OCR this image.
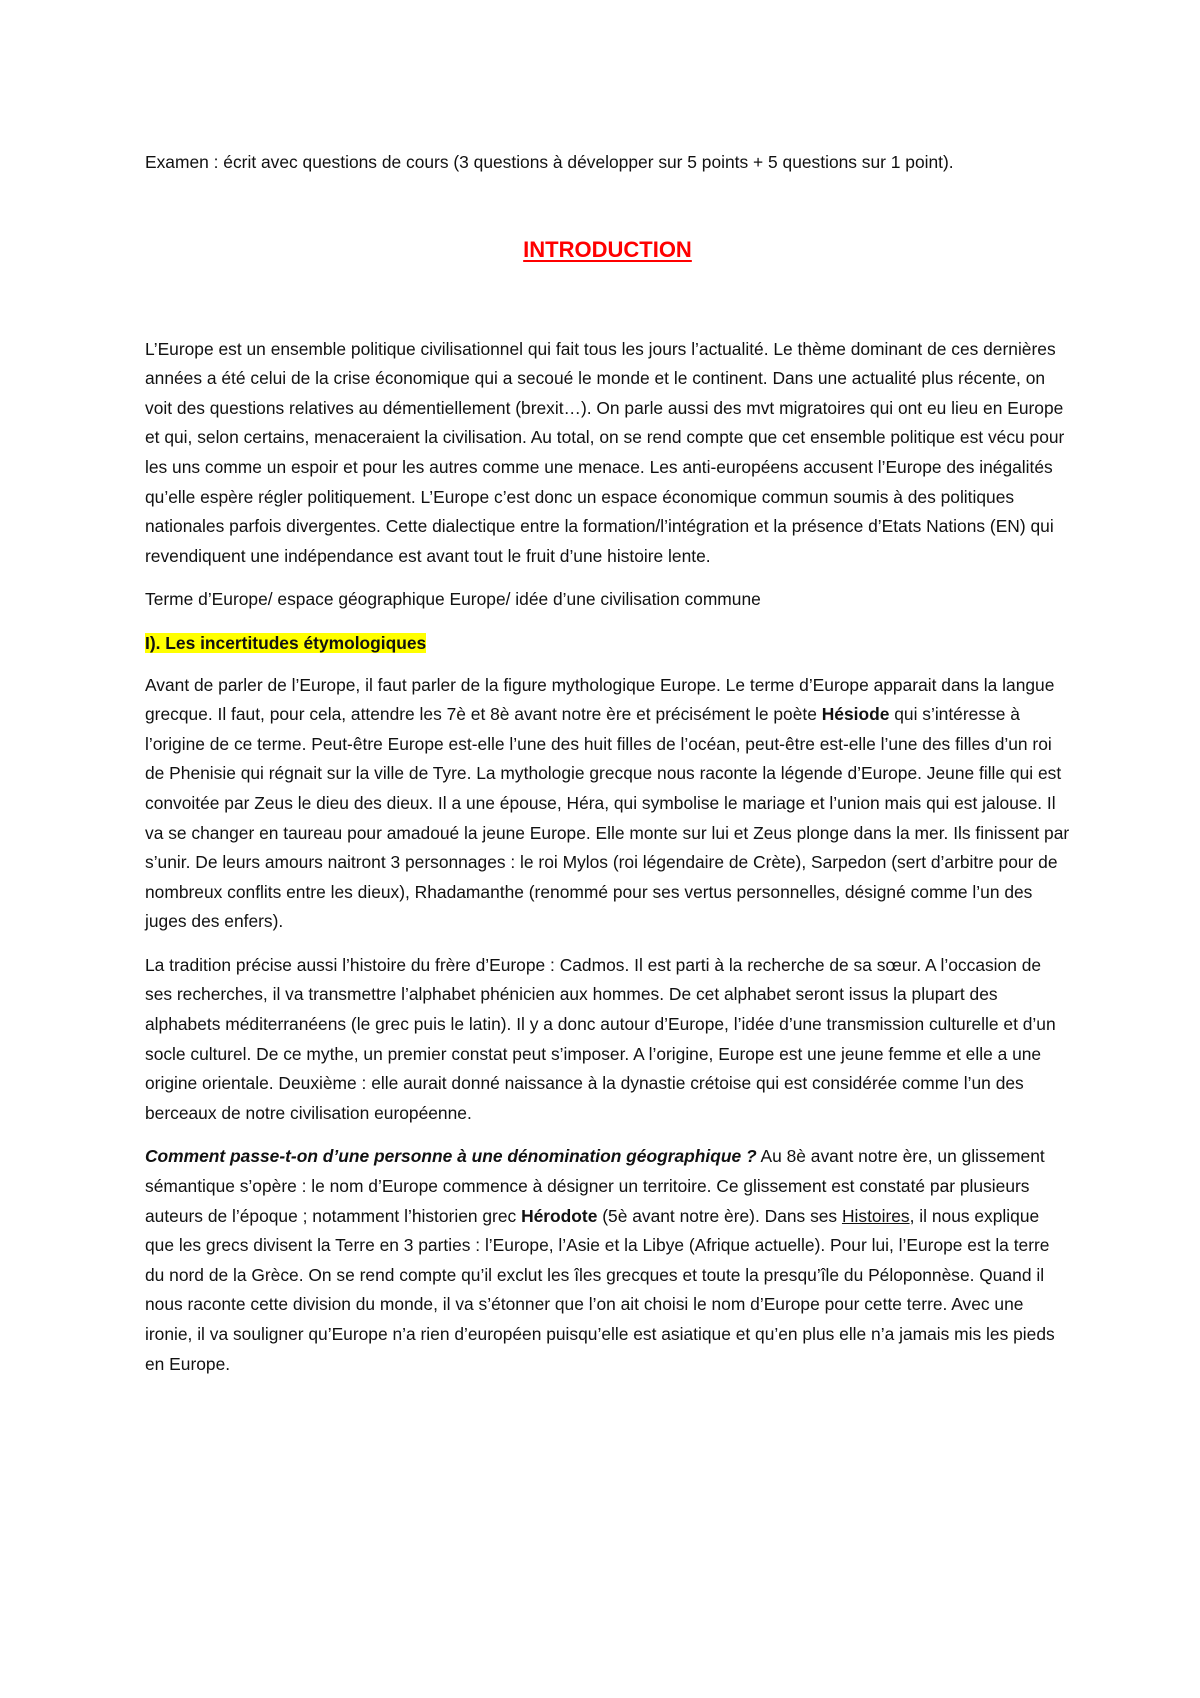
Examen : écrit avec questions de cours (3 questions à développer sur 5 points + 5 questions sur 1 point).

INTRODUCTION

L’Europe est un ensemble politique civilisationnel qui fait tous les jours l’actualité. Le thème dominant de ces dernières années a été celui de la crise économique qui a secoué le monde et le continent. Dans une actualité plus récente, on voit des questions relatives au démentiellement (brexit…). On parle aussi des mvt migratoires qui ont eu lieu en Europe et qui, selon certains, menaceraient la civilisation. Au total, on se rend compte que cet ensemble politique est vécu pour les uns comme un espoir et pour les autres comme une menace. Les anti-européens accusent l’Europe des inégalités qu’elle espère régler politiquement. L’Europe c’est donc un espace économique commun soumis à des politiques nationales parfois divergentes. Cette dialectique entre la formation/l’intégration et la présence d’Etats Nations (EN) qui revendiquent une indépendance est avant tout le fruit d’une histoire lente.

Terme d’Europe/ espace géographique Europe/ idée d’une civilisation commune

I). Les incertitudes étymologiques

Avant de parler de l’Europe, il faut parler de la figure mythologique Europe. Le terme d’Europe apparait dans la langue grecque. Il faut, pour cela, attendre les 7è et 8è avant notre ère et précisément le poète Hésiode qui s’intéresse à l’origine de ce terme. Peut-être Europe est-elle l’une des huit filles de l’océan, peut-être est-elle l’une des filles d’un roi de Phenisie qui régnait sur la ville de Tyre. La mythologie grecque nous raconte la légende d’Europe. Jeune fille qui est convoitée par Zeus le dieu des dieux. Il a une épouse, Héra, qui symbolise le mariage et l’union mais qui est jalouse. Il va se changer en taureau pour amadoué la jeune Europe. Elle monte sur lui et Zeus plonge dans la mer. Ils finissent par s’unir. De leurs amours naitront 3 personnages : le roi Mylos (roi légendaire de Crète), Sarpedon (sert d’arbitre pour de nombreux conflits entre les dieux), Rhadamanthe (renommé pour ses vertus personnelles, désigné comme l’un des juges des enfers).

La tradition précise aussi l’histoire du frère d’Europe : Cadmos. Il est parti à la recherche de sa sœur. A l’occasion de ses recherches, il va transmettre l’alphabet phénicien aux hommes. De cet alphabet seront issus la plupart des alphabets méditerranéens (le grec puis le latin). Il y a donc autour d’Europe, l’idée d’une transmission culturelle et d’un socle culturel. De ce mythe, un premier constat peut s’imposer. A l’origine, Europe est une jeune femme et elle a une origine orientale. Deuxième : elle aurait donné naissance à la dynastie crétoise qui est considérée comme l’un des berceaux de notre civilisation européenne.

Comment passe-t-on d’une personne à une dénomination géographique ? Au 8è avant notre ère, un glissement sémantique s’opère : le nom d’Europe commence à désigner un territoire. Ce glissement est constaté par plusieurs auteurs de l’époque ; notamment l’historien grec Hérodote (5è avant notre ère). Dans ses Histoires, il nous explique que les grecs divisent la Terre en 3 parties : l’Europe, l’Asie et la Libye (Afrique actuelle). Pour lui, l’Europe est la terre du nord de la Grèce. On se rend compte qu’il exclut les îles grecques et toute la presqu’île du Péloponnèse. Quand il nous raconte cette division du monde, il va s’étonner que l’on ait choisi le nom d’Europe pour cette terre. Avec une ironie, il va souligner qu’Europe n’a rien d’européen puisqu’elle est asiatique et qu’en plus elle n’a jamais mis les pieds en Europe.
